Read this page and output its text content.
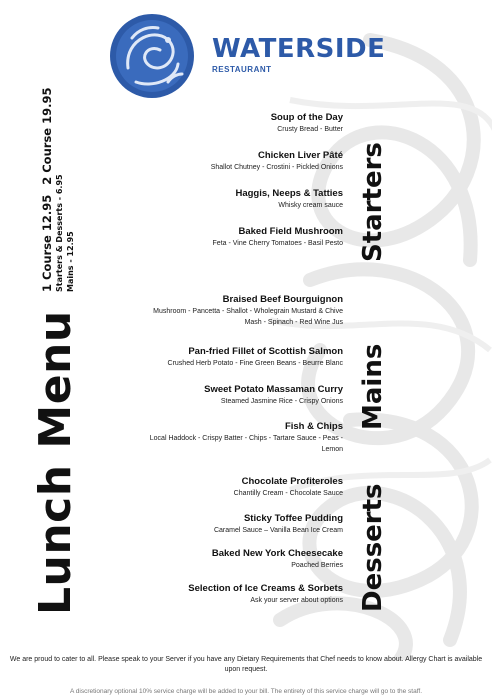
WATERSIDE
RESTAURANT
1 Course 12.952 Course 19.95
Starters & Desserts - 6.95 Mains - 12.95
Lunch Menu
Starters
Mains
Desserts
Soup of the Day
Crusty Bread - Butter
Chicken Liver Pâté
Shallot Chutney - Crostini - Pickled Onions
Haggis, Neeps & Tatties
Whisky cream sauce
Baked Field Mushroom
Feta - Vine Cherry Tomatoes - Basil Pesto
Braised Beef Bourguignon
Mushroom - Pancetta - Shallot - Wholegrain Mustard & Chive
Mash - Spinach - Red Wine Jus
Pan-fried Fillet of Scottish Salmon
Crushed Herb Potato - Fine Green Beans - Beurre Blanc
Sweet Potato Massaman Curry
Steamed Jasmine Rice - Crispy Onions
Fish & Chips
Local Haddock - Crispy Batter - Chips - Tartare Sauce - Peas -
Lemon
Chocolate Profiteroles
Chantilly Cream - Chocolate Sauce
Sticky Toffee Pudding
Caramel Sauce – Vanilla Bean Ice Cream
Baked New York Cheesecake
Poached Berries
Selection of Ice Creams & Sorbets
Ask your server about options
We are proud to cater to all. Please speak to your Server if you have any Dietary Requirements that Chef needs to know about. Allergy Chart is available upon request.
A discretionary optional 10% service charge will be added to your bill. The entirety of this service charge will go to the staff.
